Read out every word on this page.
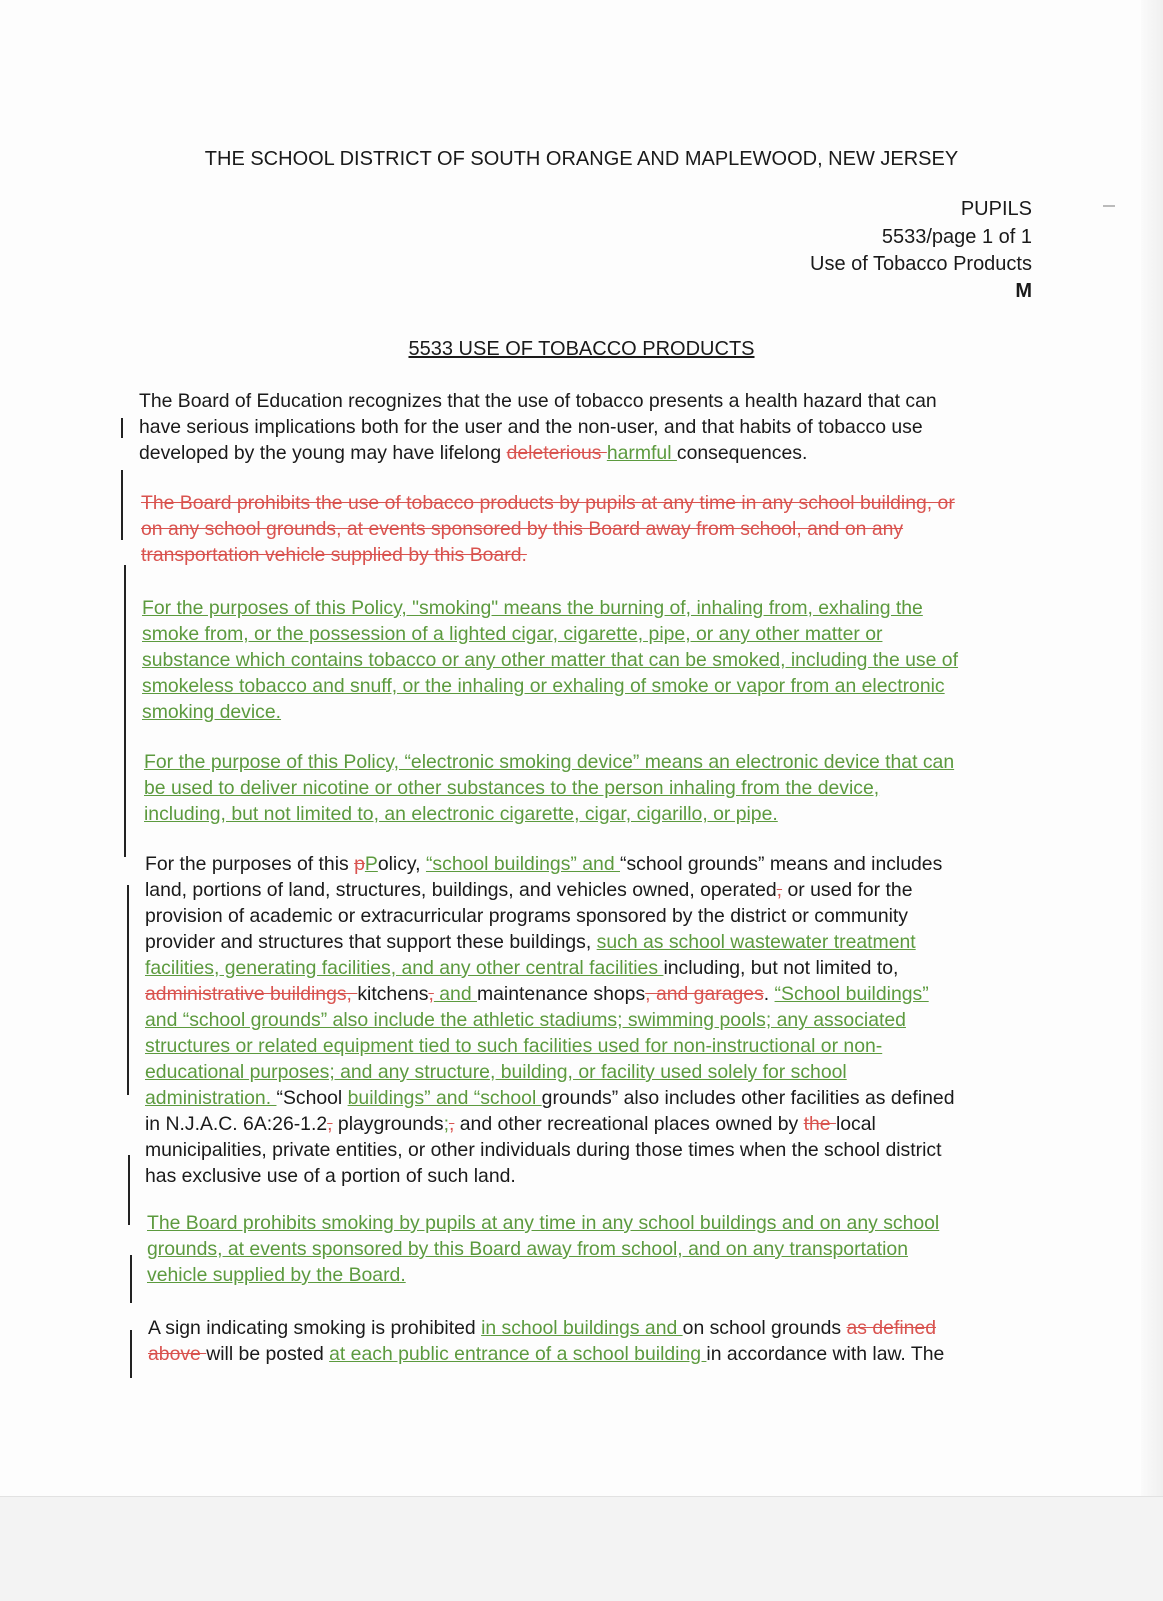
THE SCHOOL DISTRICT OF SOUTH ORANGE AND MAPLEWOOD, NEW JERSEY
PUPILS
5533/page 1 of 1
Use of Tobacco Products
M
5533 USE OF TOBACCO PRODUCTS
The Board of Education recognizes that the use of tobacco presents a health hazard that can
have serious implications both for the user and the non-user, and that habits of tobacco use
developed by the young may have lifelong deleterious harmful consequences.
The Board prohibits the use of tobacco products by pupils at any time in any school building, or
on any school grounds, at events sponsored by this Board away from school, and on any
transportation vehicle supplied by this Board.
For the purposes of this Policy, "smoking" means the burning of, inhaling from, exhaling the
smoke from, or the possession of a lighted cigar, cigarette, pipe, or any other matter or
substance which contains tobacco or any other matter that can be smoked, including the use of
smokeless tobacco and snuff, or the inhaling or exhaling of smoke or vapor from an electronic
smoking device.
For the purpose of this Policy, “electronic smoking device” means an electronic device that can
be used to deliver nicotine or other substances to the person inhaling from the device,
including, but not limited to, an electronic cigarette, cigar, cigarillo, or pipe.
For the purposes of this pPolicy, “school buildings” and “school grounds” means and includes
land, portions of land, structures, buildings, and vehicles owned, operated, or used for the
provision of academic or extracurricular programs sponsored by the district or community
provider and structures that support these buildings, such as school wastewater treatment
facilities, generating facilities, and any other central facilities including, but not limited to,
administrative buildings, kitchens, and maintenance shops, and garages. “School buildings”
and “school grounds” also include the athletic stadiums; swimming pools; any associated
structures or related equipment tied to such facilities used for non-instructional or non-
educational purposes; and any structure, building, or facility used solely for school
administration. “School buildings” and “school grounds” also includes other facilities as defined
in N.J.A.C. 6A:26-1.2, playgrounds;, and other recreational places owned by the local
municipalities, private entities, or other individuals during those times when the school district
has exclusive use of a portion of such land.
The Board prohibits smoking by pupils at any time in any school buildings and on any school
grounds, at events sponsored by this Board away from school, and on any transportation
vehicle supplied by the Board.
A sign indicating smoking is prohibited in school buildings and on school grounds as defined
above will be posted at each public entrance of a school building in accordance with law. The
